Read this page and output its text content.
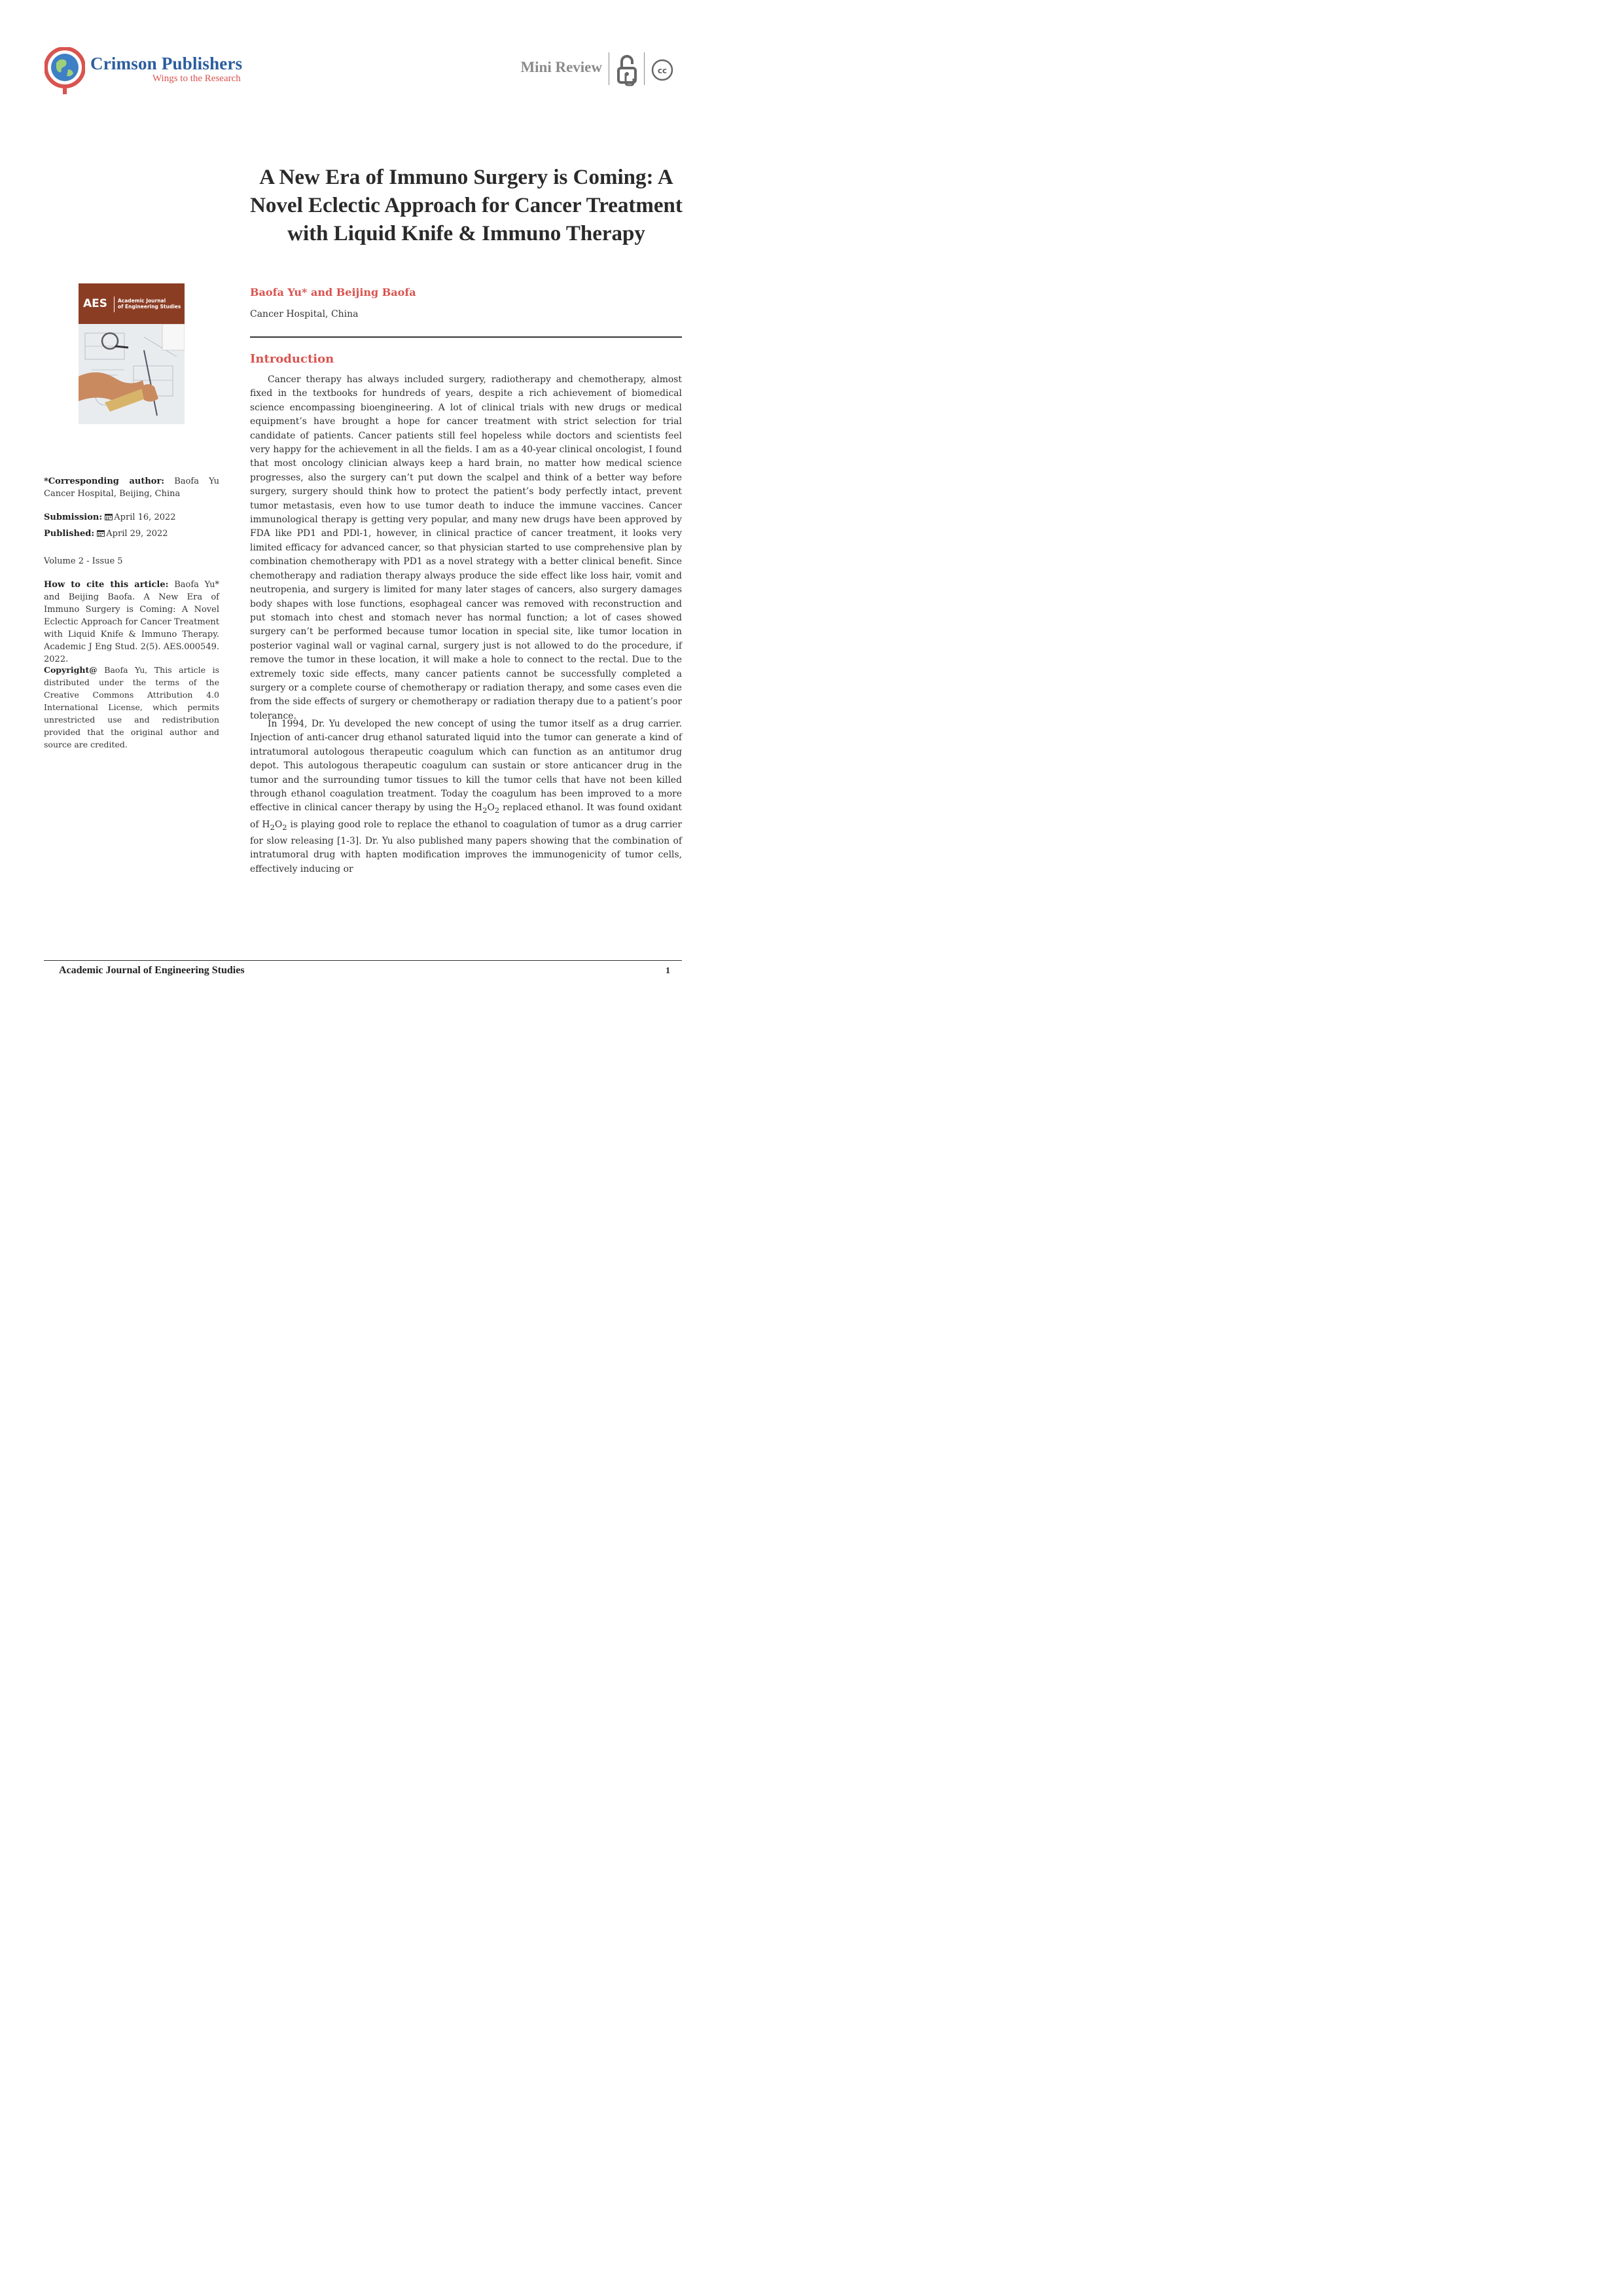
Crimson Publishers
Wings to the Research
Mini Review	cc
A New Era of Immuno Surgery is Coming: A Novel Eclectic Approach for Cancer Treatment with Liquid Knife & Immuno Therapy
Baofa Yu* and Beijing Baofa
Cancer Hospital, China
AES Academic Journal
of Engineering Studies
*Corresponding author: Baofa Yu Cancer Hospital, Beijing, China
Submission: April 16, 2022
Published: April 29, 2022
Volume 2 - Issue 5
How to cite this article: Baofa Yu* and Beijing Baofa. A New Era of Immuno Surgery is Coming: A Novel Eclectic Approach for Cancer Treatment with Liquid Knife & Immuno Therapy. Academic J Eng Stud. 2(5). AES.000549. 2022.
Copyright@ Baofa Yu, This article is distributed under the terms of the Creative Commons Attribution 4.0 International License, which permits unrestricted use and redistribution provided that the original author and source are credited.
Introduction
Cancer therapy has always included surgery, radiotherapy and chemotherapy, almost fixed in the textbooks for hundreds of years, despite a rich achievement of biomedical science encompassing bioengineering. A lot of clinical trials with new drugs or medical equipment’s have brought a hope for cancer treatment with strict selection for trial candidate of patients. Cancer patients still feel hopeless while doctors and scientists feel very happy for the achievement in all the fields. I am as a 40-year clinical oncologist, I found that most oncology clinician always keep a hard brain, no matter how medical science progresses, also the surgery can’t put down the scalpel and think of a better way before surgery, surgery should think how to protect the patient’s body perfectly intact, prevent tumor metastasis, even how to use tumor death to induce the immune vaccines. Cancer immunological therapy is getting very popular, and many new drugs have been approved by FDA like PD1 and PDl-1, however, in clinical practice of cancer treatment, it looks very limited efficacy for advanced cancer, so that physician started to use comprehensive plan by combination chemotherapy with PD1 as a novel strategy with a better clinical benefit. Since chemotherapy and radiation therapy always produce the side effect like loss hair, vomit and neutropenia, and surgery is limited for many later stages of cancers, also surgery damages body shapes with lose functions, esophageal cancer was removed with reconstruction and put stomach into chest and stomach never has normal function; a lot of cases showed surgery can’t be performed because tumor location in special site, like tumor location in posterior vaginal wall or vaginal carnal, surgery just is not allowed to do the procedure, if remove the tumor in these location, it will make a hole to connect to the rectal. Due to the extremely toxic side effects, many cancer patients cannot be successfully completed a surgery or a complete course of chemotherapy or radiation therapy, and some cases even die from the side effects of surgery or chemotherapy or radiation therapy due to a patient’s poor tolerance.
In 1994, Dr. Yu developed the new concept of using the tumor itself as a drug carrier. Injection of anti-cancer drug ethanol saturated liquid into the tumor can generate a kind of intratumoral autologous therapeutic coagulum which can function as an antitumor drug depot. This autologous therapeutic coagulum can sustain or store anticancer drug in the tumor and the surrounding tumor tissues to kill the tumor cells that have not been killed through ethanol coagulation treatment. Today the coagulum has been improved to a more effective in clinical cancer therapy by using the $H_2O_2$ replaced ethanol. It was found oxidant of $H_2O_2$ is playing good role to replace the ethanol to coagulation of tumor as a drug carrier for slow releasing [1-3]. Dr. Yu also published many papers showing that the combination of intratumoral drug with hapten modification improves the immunogenicity of tumor cells, effectively inducing or
Academic Journal of Engineering Studies	1
